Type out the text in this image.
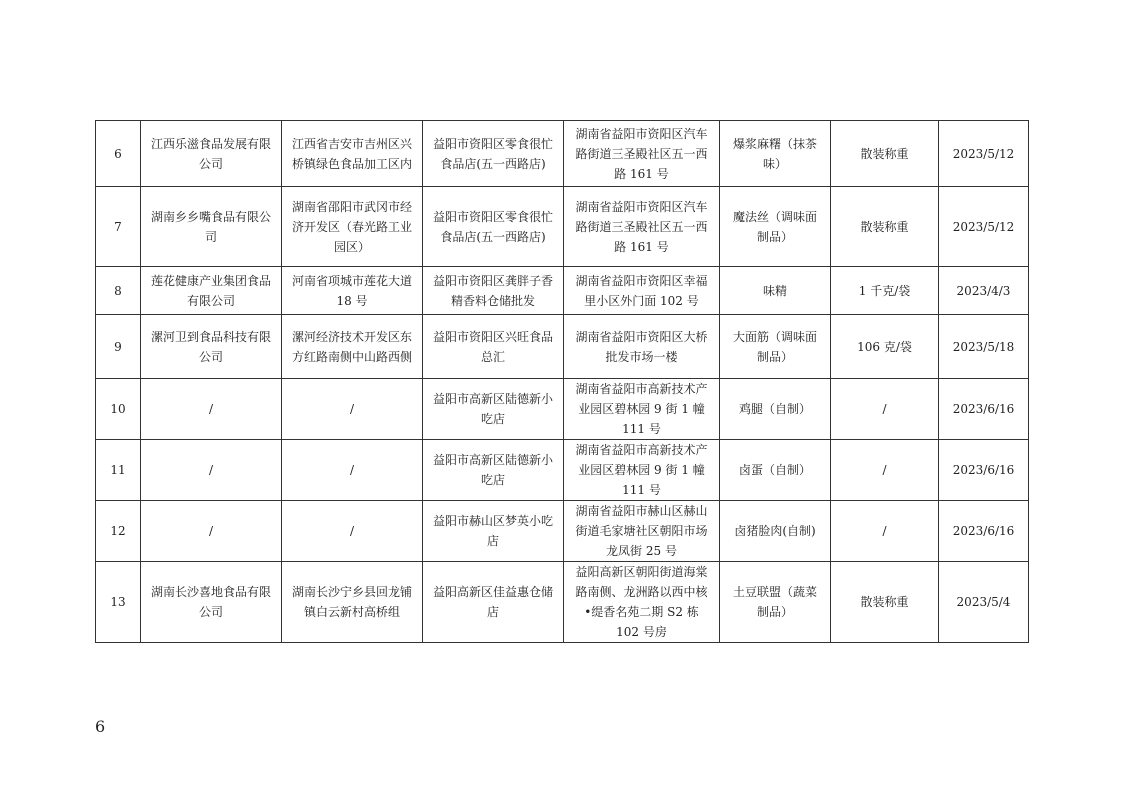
6	江西乐滋食品发展有限公司	江西省吉安市吉州区兴桥镇绿色食品加工区内	益阳市资阳区零食很忙食品店(五一西路店)	湖南省益阳市资阳区汽车路街道三圣殿社区五一西路 161 号	爆浆麻糬（抹茶味）	散装称重	2023/5/12
7	湖南乡乡嘴食品有限公司	湖南省邵阳市武冈市经济开发区（春光路工业园区）	益阳市资阳区零食很忙食品店(五一西路店)	湖南省益阳市资阳区汽车路街道三圣殿社区五一西路 161 号	魔法丝（调味面制品）	散装称重	2023/5/12
8	莲花健康产业集团食品有限公司	河南省项城市莲花大道 18 号	益阳市资阳区龚胖子香精香料仓储批发	湖南省益阳市资阳区幸福里小区外门面 102 号	味精	1 千克/袋	2023/4/3
9	漯河卫到食品科技有限公司	漯河经济技术开发区东方红路南侧中山路西侧	益阳市资阳区兴旺食品总汇	湖南省益阳市资阳区大桥批发市场一楼	大面筋（调味面制品）	106 克/袋	2023/5/18
10	/	/	益阳市高新区陆德新小吃店	湖南省益阳市高新技术产业园区碧林园 9 街 1 幢 111 号	鸡腿（自制）	/	2023/6/16
11	/	/	益阳市高新区陆德新小吃店	湖南省益阳市高新技术产业园区碧林园 9 街 1 幢 111 号	卤蛋（自制）	/	2023/6/16
12	/	/	益阳市赫山区梦英小吃店	湖南省益阳市赫山区赫山街道毛家塘社区朝阳市场龙凤街 25 号	卤猪脸肉(自制)	/	2023/6/16
13	湖南长沙喜地食品有限公司	湖南长沙宁乡县回龙铺镇白云新村高桥组	益阳高新区佳益惠仓储店	益阳高新区朝阳街道海棠路南侧、龙洲路以西中核•缇香名苑二期 S2 栋 102 号房	土豆联盟（蔬菜制品）	散装称重	2023/5/4
6
